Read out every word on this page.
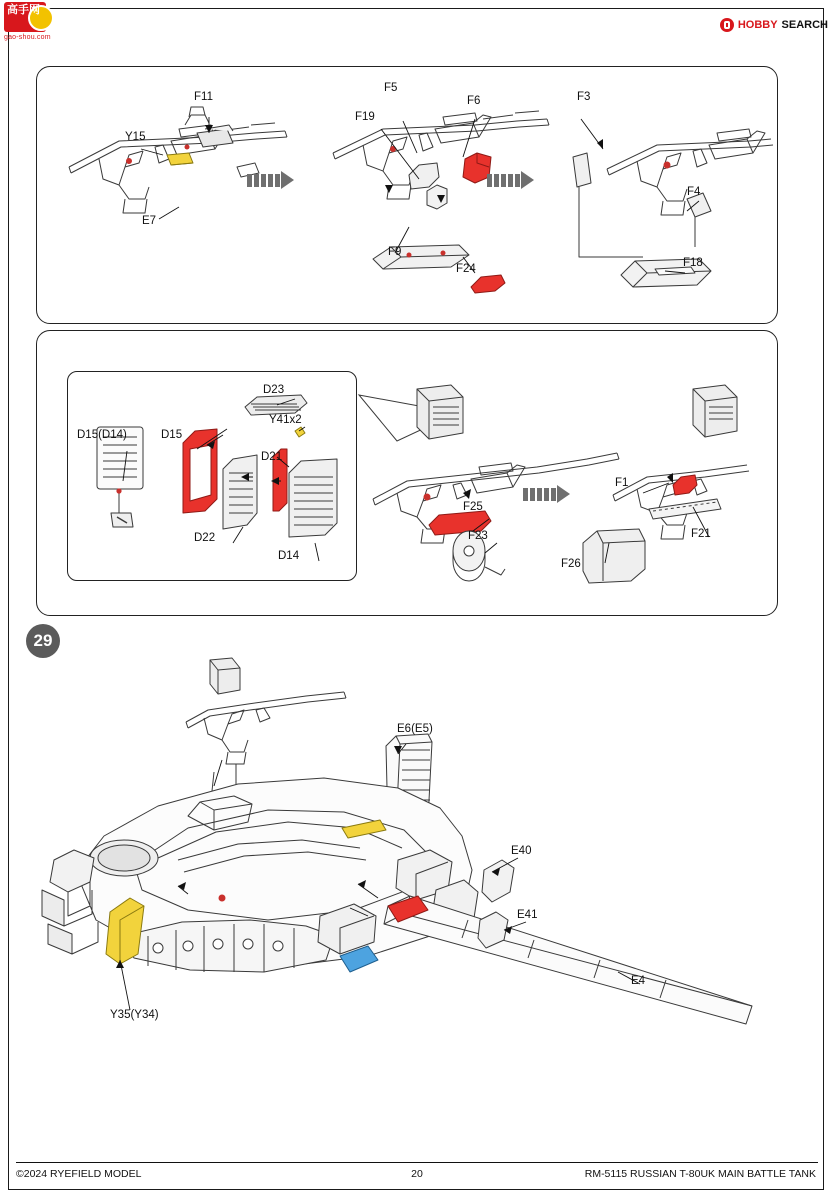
高手网
gao-shou.com
HOBBY SEARCH
F11
Y15
E7
F5
F6
F19
F9
F24
F3
F4
F18
D23
Y41x2
D15(D14)	D15
D21
D22
D14
F25
F23
F1
F21
F26
29
E6(E5)
E40
E41
E4
Y35(Y34)
©2024 RYEFIELD MODEL	20	RM-5115 RUSSIAN T-80UK MAIN BATTLE TANK
